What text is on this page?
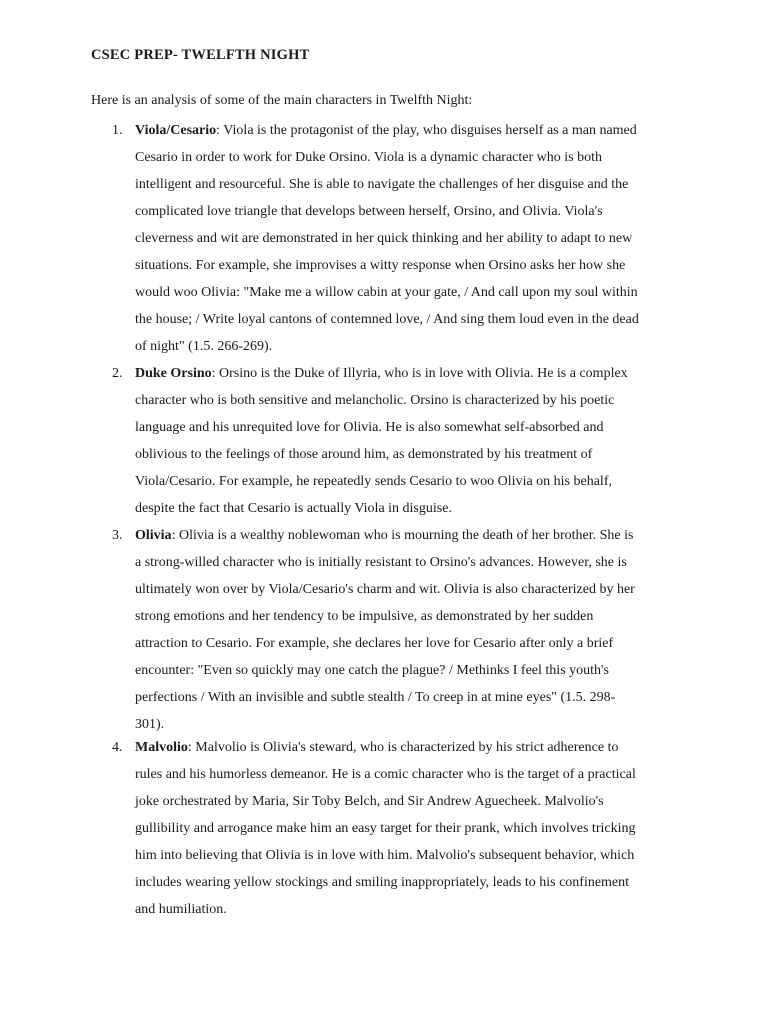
CSEC PREP- TWELFTH NIGHT
Here is an analysis of some of the main characters in Twelfth Night:
1. Viola/Cesario: Viola is the protagonist of the play, who disguises herself as a man named
Cesario in order to work for Duke Orsino. Viola is a dynamic character who is both
intelligent and resourceful. She is able to navigate the challenges of her disguise and the
complicated love triangle that develops between herself, Orsino, and Olivia. Viola's
cleverness and wit are demonstrated in her quick thinking and her ability to adapt to new
situations. For example, she improvises a witty response when Orsino asks her how she
would woo Olivia: "Make me a willow cabin at your gate, / And call upon my soul within
the house; / Write loyal cantons of contemned love, / And sing them loud even in the dead
of night" (1.5. 266-269).
2. Duke Orsino: Orsino is the Duke of Illyria, who is in love with Olivia. He is a complex
character who is both sensitive and melancholic. Orsino is characterized by his poetic
language and his unrequited love for Olivia. He is also somewhat self-absorbed and
oblivious to the feelings of those around him, as demonstrated by his treatment of
Viola/Cesario. For example, he repeatedly sends Cesario to woo Olivia on his behalf,
despite the fact that Cesario is actually Viola in disguise.
3. Olivia: Olivia is a wealthy noblewoman who is mourning the death of her brother. She is
a strong-willed character who is initially resistant to Orsino's advances. However, she is
ultimately won over by Viola/Cesario's charm and wit. Olivia is also characterized by her
strong emotions and her tendency to be impulsive, as demonstrated by her sudden
attraction to Cesario. For example, she declares her love for Cesario after only a brief
encounter: "Even so quickly may one catch the plague? / Methinks I feel this youth's
perfections / With an invisible and subtle stealth / To creep in at mine eyes" (1.5. 298-
301).
4. Malvolio: Malvolio is Olivia's steward, who is characterized by his strict adherence to
rules and his humorless demeanor. He is a comic character who is the target of a practical
joke orchestrated by Maria, Sir Toby Belch, and Sir Andrew Aguecheek. Malvolio's
gullibility and arrogance make him an easy target for their prank, which involves tricking
him into believing that Olivia is in love with him. Malvolio's subsequent behavior, which
includes wearing yellow stockings and smiling inappropriately, leads to his confinement
and humiliation.
